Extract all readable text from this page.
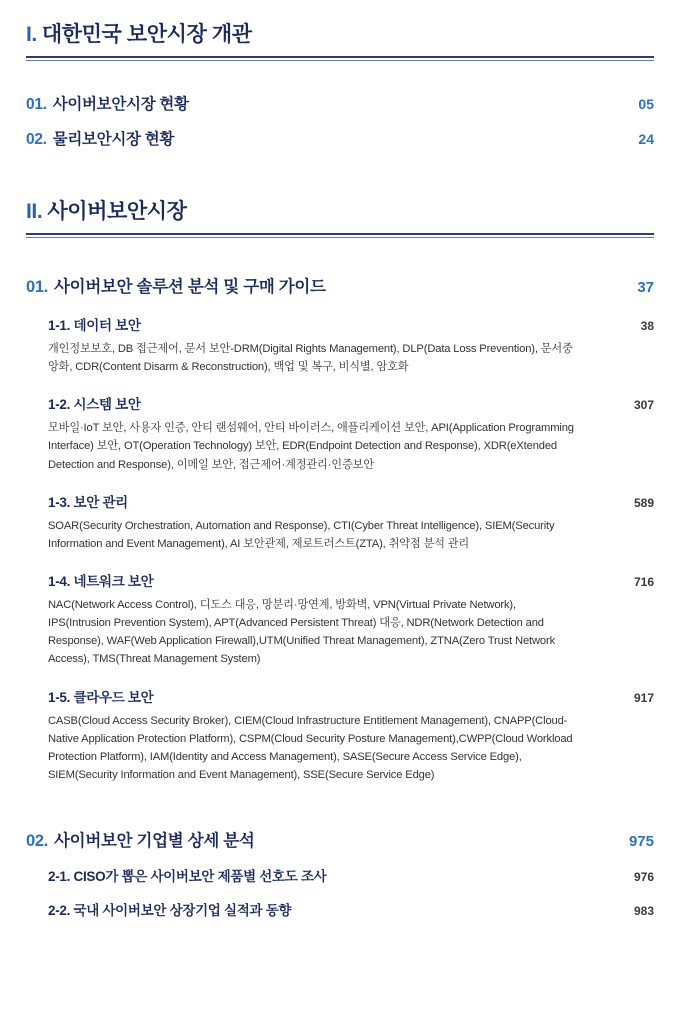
I. 대한민국 보안시장 개관
01. 사이버보안시장 현황	05
02. 물리보안시장 현황	24
II. 사이버보안시장
01. 사이버보안 솔루션 분석 및 구매 가이드	37
1-1. 데이터 보안	38
개인정보보호, DB 접근제어, 문서 보안-DRM(Digital Rights Management), DLP(Data Loss Prevention), 문서중앙화, CDR(Content Disarm & Reconstruction), 백업 및 복구, 비식별, 암호화
1-2. 시스템 보안	307
모바일·IoT 보안, 사용자 인증, 안티 랜섬웨어, 안티 바이러스, 애플리케이션 보안, API(Application Programming Interface) 보안, OT(Operation Technology) 보안, EDR(Endpoint Detection and Response), XDR(eXtended Detection and Response), 이메일 보안, 접근제어·계정관리·인증보안
1-3. 보안 관리	589
SOAR(Security Orchestration, Automation and Response), CTI(Cyber Threat Intelligence), SIEM(Security Information and Event Management), AI 보안관제, 제로트러스트(ZTA), 취약점 분석 관리
1-4. 네트워크 보안	716
NAC(Network Access Control), 디도스 대응, 망분리·망연계, 방화벽, VPN(Virtual Private Network), IPS(Intrusion Prevention System), APT(Advanced Persistent Threat) 대응, NDR(Network Detection and Response), WAF(Web Application Firewall),UTM(Unified Threat Management), ZTNA(Zero Trust Network Access), TMS(Threat Management System)
1-5. 클라우드 보안	917
CASB(Cloud Access Security Broker), CIEM(Cloud Infrastructure Entitlement Management), CNAPP(Cloud-Native Application Protection Platform), CSPM(Cloud Security Posture Management),CWPP(Cloud Workload Protection Platform), IAM(Identity and Access Management), SASE(Secure Access Service Edge), SIEM(Security Information and Event Management), SSE(Secure Service Edge)
02. 사이버보안 기업별 상세 분석	975
2-1. CISO가 뽑은 사이버보안 제품별 선호도 조사	976
2-2. 국내 사이버보안 상장기업 실적과 동향	983
